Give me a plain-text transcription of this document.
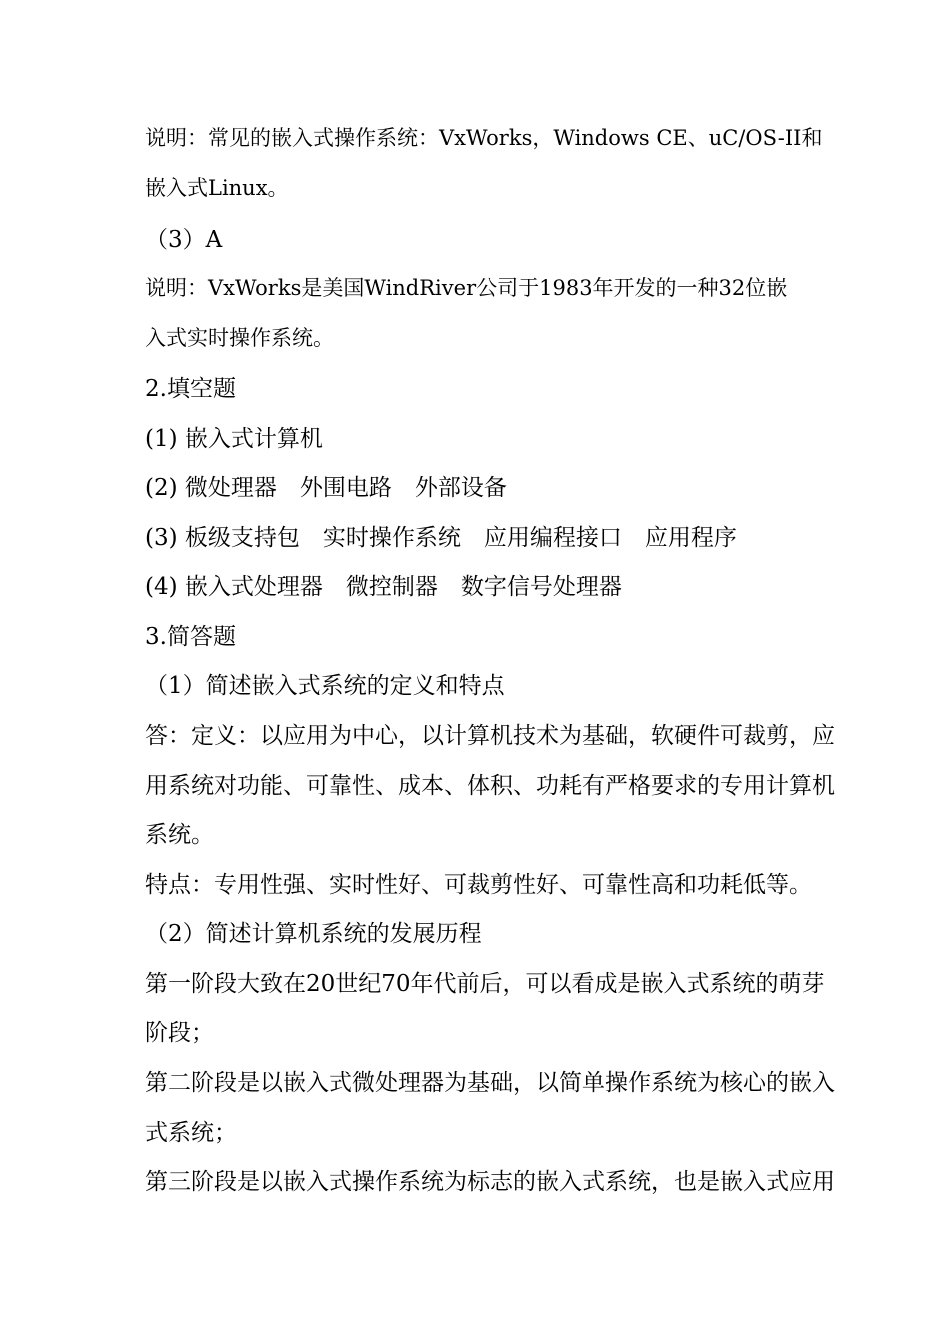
说明：常见的嵌入式操作系统：VxWorks，Windows CE、uC/OS-II和
嵌入式Linux。
（3）A
说明：VxWorks是美国WindRiver公司于1983年开发的一种32位嵌
入式实时操作系统。
2.填空题
(1) 嵌入式计算机
(2) 微处理器　外围电路　外部设备
(3) 板级支持包　实时操作系统　应用编程接口　应用程序
(4) 嵌入式处理器　微控制器　数字信号处理器
3.简答题
（1）简述嵌入式系统的定义和特点
答：定义：以应用为中心，以计算机技术为基础，软硬件可裁剪，应
用系统对功能、可靠性、成本、体积、功耗有严格要求的专用计算机
系统。
特点：专用性强、实时性好、可裁剪性好、可靠性高和功耗低等。
（2）简述计算机系统的发展历程
第一阶段大致在20世纪70年代前后，可以看成是嵌入式系统的萌芽
阶段；
第二阶段是以嵌入式微处理器为基础，以简单操作系统为核心的嵌入
式系统；
第三阶段是以嵌入式操作系统为标志的嵌入式系统，也是嵌入式应用
